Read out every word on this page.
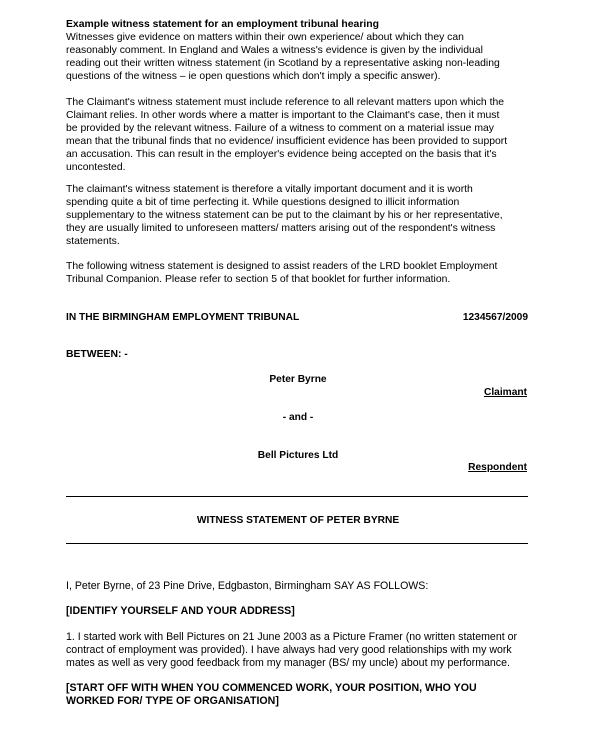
Example witness statement for an employment tribunal hearing

Witnesses give evidence on matters within their own experience/ about which they can
reasonably comment. In England and Wales a witness's evidence is given by the individual
reading out their written witness statement (in Scotland by a representative asking non-leading
questions of the witness – ie open questions which don't imply a specific answer).

The Claimant's witness statement must include reference to all relevant matters upon which the
Claimant relies. In other words where a matter is important to the Claimant's case, then it must
be provided by the relevant witness. Failure of a witness to comment on a material issue may
mean that the tribunal finds that no evidence/ insufficient evidence has been provided to support
an accusation. This can result in the employer's evidence being accepted on the basis that it's
uncontested.

The claimant's witness statement is therefore a vitally important document and it is worth
spending quite a bit of time perfecting it. While questions designed to illicit information
supplementary to the witness statement can be put to the claimant by his or her representative,
they are usually limited to unforeseen matters/ matters arising out of the respondent's witness
statements.

The following witness statement is designed to assist readers of the LRD booklet Employment
Tribunal Companion. Please refer to section 5 of that booklet for further information.

IN THE BIRMINGHAM EMPLOYMENT TRIBUNAL	1234567/2009
BETWEEN: -
Peter Byrne
Claimant
- and -
Bell Pictures Ltd
Respondent
WITNESS STATEMENT OF PETER BYRNE

I, Peter Byrne, of 23 Pine Drive, Edgbaston, Birmingham SAY AS FOLLOWS:

[IDENTIFY YOURSELF AND YOUR ADDRESS]

1. I started work with Bell Pictures on 21 June 2003 as a Picture Framer (no written statement or
contract of employment was provided). I have always had very good relationships with my work
mates as well as very good feedback from my manager (BS/ my uncle) about my performance.

[START OFF WITH WHEN YOU COMMENCED WORK, YOUR POSITION, WHO YOU
WORKED FOR/ TYPE OF ORGANISATION]
